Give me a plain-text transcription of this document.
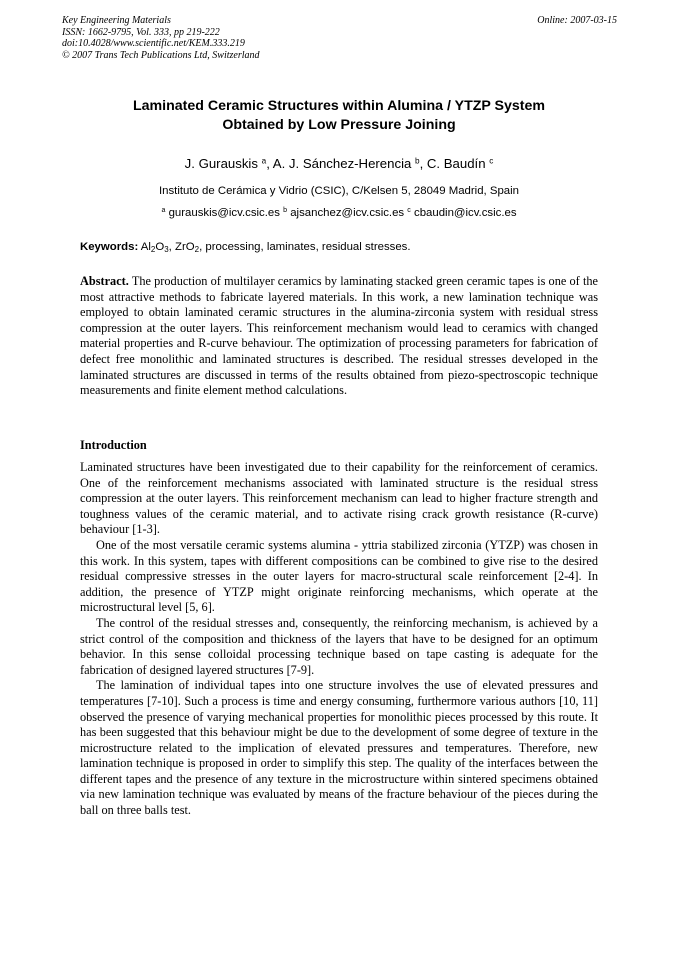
Key Engineering Materials
ISSN: 1662-9795, Vol. 333, pp 219-222
doi:10.4028/www.scientific.net/KEM.333.219
© 2007 Trans Tech Publications Ltd, Switzerland
Online: 2007-03-15
Laminated Ceramic Structures within Alumina / YTZP System
Obtained by Low Pressure Joining
J. Gurauskis $^a$, A. J. Sánchez-Herencia $^b$, C. Baudín $^c$
Instituto de Cerámica y Vidrio (CSIC), C/Kelsen 5, 28049 Madrid, Spain
$^a$ gurauskis@icv.csic.es $^b$ ajsanchez@icv.csic.es $^c$ cbaudin@icv.csic.es
Keywords: $Al_2O_3$, ZrO$_2$, processing, laminates, residual stresses.

Abstract. The production of multilayer ceramics by laminating stacked green ceramic tapes is one of the most attractive methods to fabricate layered materials. In this work, a new lamination technique was employed to obtain laminated ceramic structures in the alumina-zirconia system with residual stress compression at the outer layers. This reinforcement mechanism would lead to ceramics with changed material properties and R-curve behaviour. The optimization of processing parameters for fabrication of defect free monolithic and laminated structures is described. The residual stresses developed in the laminated structures are discussed in terms of the results obtained from piezo-spectroscopic technique measurements and finite element method calculations.

Introduction

Laminated structures have been investigated due to their capability for the reinforcement of ceramics. One of the reinforcement mechanisms associated with laminated structure is the residual stress compression at the outer layers. This reinforcement mechanism can lead to higher fracture strength and toughness values of the ceramic material, and to activate rising crack growth resistance (R-curve) behaviour [1-3].

One of the most versatile ceramic systems alumina - yttria stabilized zirconia (YTZP) was chosen in this work. In this system, tapes with different compositions can be combined to give rise to the desired residual compressive stresses in the outer layers for macro-structural scale reinforcement [2-4]. In addition, the presence of YTZP might originate reinforcing mechanisms, which operate at the microstructural level [5, 6].

The control of the residual stresses and, consequently, the reinforcing mechanism, is achieved by a strict control of the composition and thickness of the layers that have to be designed for an optimum behavior. In this sense colloidal processing technique based on tape casting is adequate for the fabrication of designed layered structures [7-9].

The lamination of individual tapes into one structure involves the use of elevated pressures and temperatures [7-10]. Such a process is time and energy consuming, furthermore various authors [10, 11] observed the presence of varying mechanical properties for monolithic pieces processed by this route. It has been suggested that this behaviour might be due to the development of some degree of texture in the microstructure related to the implication of elevated pressures and temperatures. Therefore, new lamination technique is proposed in order to simplify this step. The quality of the interfaces between the different tapes and the presence of any texture in the microstructure within sintered specimens obtained via new lamination technique was evaluated by means of the fracture behaviour of the pieces during the ball on three balls test.
